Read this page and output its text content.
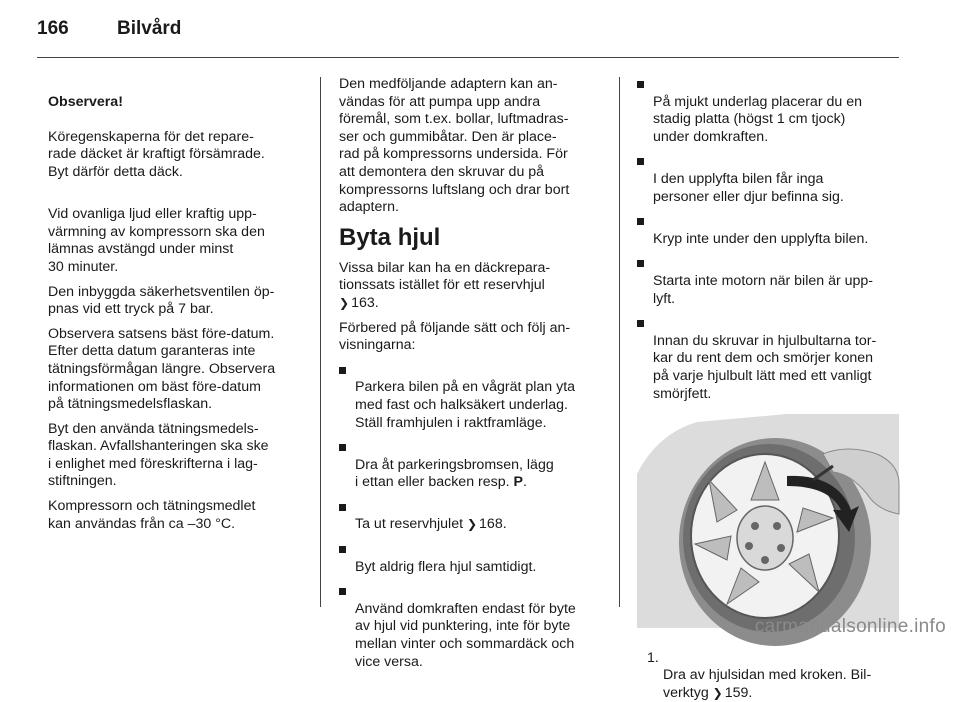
166	Bilvård

Observera!

Köregenskaperna för det repare-
rade däcket är kraftigt försämrade.
Byt därför detta däck.

Vid ovanliga ljud eller kraftig upp-
värmning av kompressorn ska den
lämnas avstängd under minst
30 minuter.
Den inbyggda säkerhetsventilen öp-
pnas vid ett tryck på 7 bar.
Observera satsens bäst före-datum.
Efter detta datum garanteras inte
tätningsförmågan längre. Observera
informationen om bäst före-datum
på tätningsmedelsflaskan.
Byt den använda tätningsmedels-
flaskan. Avfallshanteringen ska ske
i enlighet med föreskrifterna i lag-
stiftningen.
Kompressorn och tätningsmedlet
kan användas från ca –30 °C.
Den medföljande adaptern kan an-
vändas för att pumpa upp andra
föremål, som t.ex. bollar, luftmadras-
ser och gummibåtar. Den är place-
rad på kompressorns undersida. För
att demontera den skruvar du på
kompressorns luftslang och drar bort
adaptern.
Byta hjul
Vissa bilar kan ha en däckrepara-
tionssats istället för ett reservhjul
❯ 163.
Förbered på följande sätt och följ an-
visningarna:

Parkera bilen på en vågrät plan yta
med fast och halksäkert underlag.
Ställ framhjulen i raktframläge.

Dra åt parkeringsbromsen, lägg
i ettan eller backen resp. P.

Ta ut reservhjulet ❯ 168.

Byt aldrig flera hjul samtidigt.

Använd domkraften endast för byte
av hjul vid punktering, inte för byte
mellan vinter och sommardäck och
vice versa.

På mjukt underlag placerar du en
stadig platta (högst 1 cm tjock)
under domkraften.

I den upplyfta bilen får inga
personer eller djur befinna sig.

Kryp inte under den upplyfta bilen.

Starta inte motorn när bilen är upp-
lyft.

Innan du skruvar in hjulbultarna tor-
kar du rent dem och smörjer konen
på varje hjulbult lätt med ett vanligt
smörjfett.

1.
Dra av hjulsidan med kroken. Bil-
verktyg ❯ 159.

carmanualsonline.info
